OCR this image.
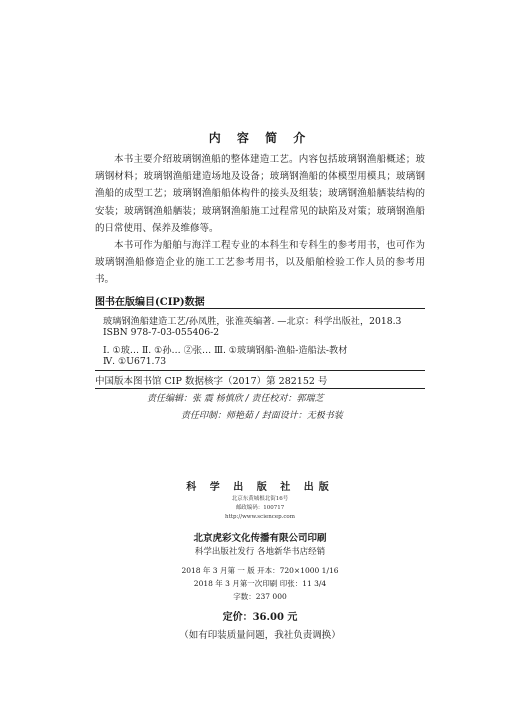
内 容 简 介

本书主要介绍玻璃钢渔船的整体建造工艺。内容包括玻璃钢渔船概述；玻璃钢材料；玻璃钢渔船建造场地及设备；玻璃钢渔船的体模型用模具；玻璃钢渔船的成型工艺；玻璃钢渔船船体构件的接头及组装；玻璃钢渔船舾装结构的安装；玻璃钢渔船舾装；玻璃钢渔船施工过程常见的缺陷及对策；玻璃钢渔船的日常使用、保养及维修等。

本书可作为船舶与海洋工程专业的本科生和专科生的参考用书，也可作为玻璃钢渔船修造企业的施工工艺参考用书，以及船舶检验工作人员的参考用书。

图书在版编目(CIP)数据
玻璃钢渔船建造工艺/孙凤胜，张淮英编著. —北京：科学出版社，2018.3
ISBN 978-7-03-055406-2
Ⅰ. ①玻… Ⅱ. ①孙… ②张… Ⅲ. ①玻璃钢船-渔船-造船法-教材
Ⅳ. ①U671.73
中国版本图书馆 CIP 数据核字（2017）第 282152 号
责任编辑：张 震 杨慎欣 / 责任校对：郭瑞芝
责任印制：师艳茹 / 封面设计：无极书装
科 学 出 版 社 出版
北京东黄城根北街16号
邮政编码：100717
http://www.sciencep.com
北京虎彩文化传播有限公司印刷
科学出版社发行 各地新华书店经销
2018 年 3 月第 一 版 开本：720×1000 1/16
2018 年 3 月第一次印刷 印张：11 3/4
字数：237 000
定价：36.00 元
（如有印装质量问题，我社负责调换）
